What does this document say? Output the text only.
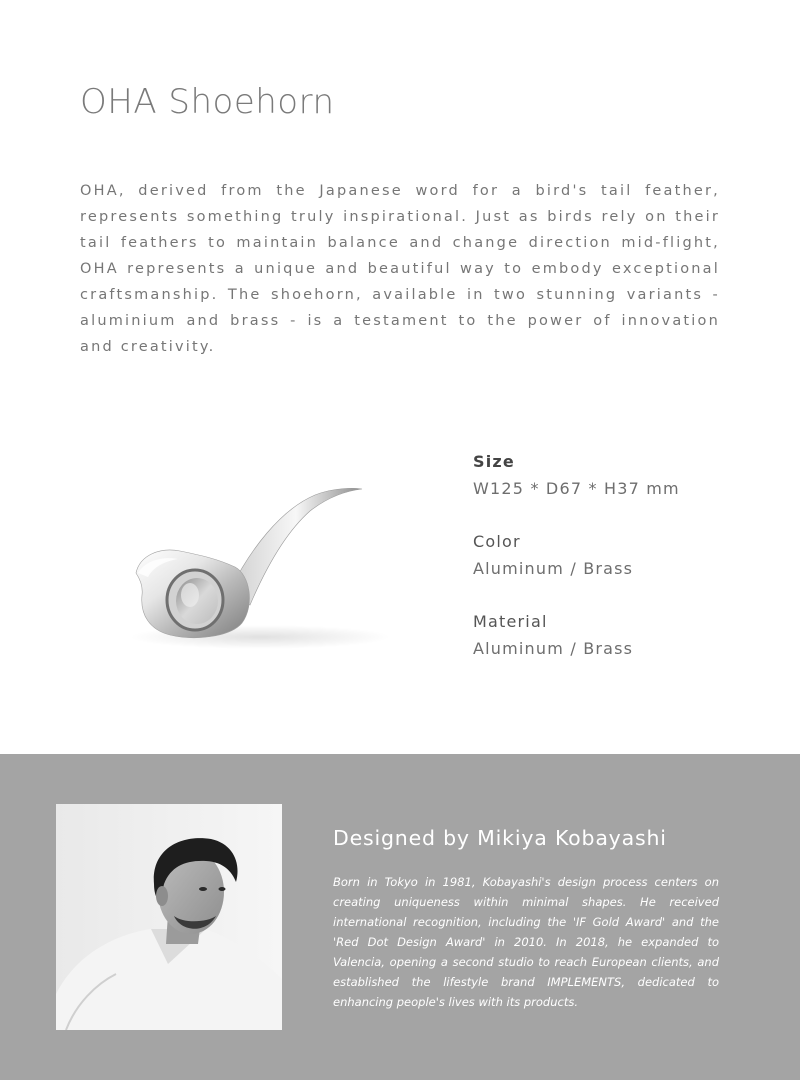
OHA Shoehorn

OHA, derived from the Japanese word for a bird's tail feather, represents something truly inspirational. Just as birds rely on their tail feathers to maintain balance and change direction mid-flight, OHA represents a unique and beautiful way to embody exceptional craftsmanship. The shoehorn, available in two stunning variants - aluminium and brass - is a testament to the power of innovation and creativity.

Size
W125 * D67 * H37 mm
Color
Aluminum / Brass
Material
Aluminum / Brass
Designed by Mikiya Kobayashi

Born in Tokyo in 1981, Kobayashi's design process centers on creating uniqueness within minimal shapes. He received international recognition, including the 'IF Gold Award' and the 'Red Dot Design Award' in 2010. In 2018, he expanded to Valencia, opening a second studio to reach European clients, and established the lifestyle brand IMPLEMENTS, dedicated to enhancing people's lives with its products.
